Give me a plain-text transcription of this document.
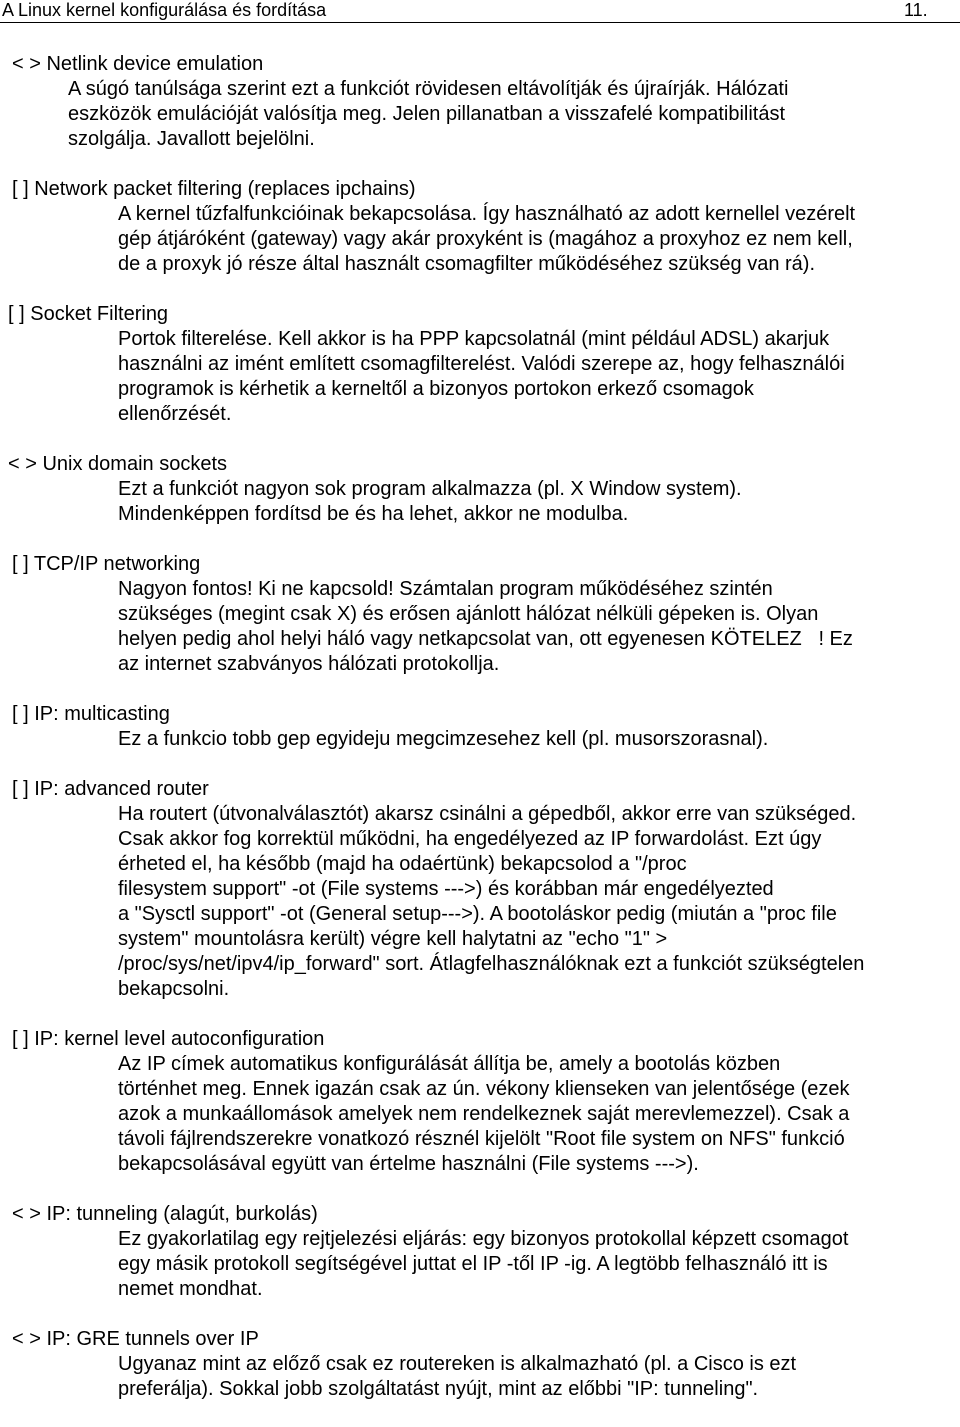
A Linux kernel konfigurálása és fordítása	11.
< > Netlink device emulation
A súgó tanúlsága szerint ezt a funkciót rövidesen eltávolítják és újraírják. Hálózati
eszközök emulációját valósítja meg. Jelen pillanatban a visszafelé kompatibilitást
szolgálja. Javallott bejelölni.
[ ] Network packet filtering (replaces ipchains)
A kernel tűzfalfunkcióinak bekapcsolása. Így használható az adott kernellel vezérelt
gép átjáróként (gateway) vagy akár proxyként is (magához a proxyhoz ez nem kell,
de a proxyk jó része által használt csomagfilter működéséhez szükség van rá).
[ ] Socket Filtering
Portok filterelése. Kell akkor is ha PPP kapcsolatnál (mint például ADSL) akarjuk
használni az imént említett csomagfilterelést. Valódi szerepe az, hogy felhasználói
programok is kérhetik a kerneltől a bizonyos portokon erkező csomagok
ellenőrzését.
< > Unix domain sockets
Ezt a funkciót nagyon sok program alkalmazza (pl. X Window system).
Mindenképpen fordítsd be és ha lehet, akkor ne modulba.
[ ] TCP/IP networking
Nagyon fontos! Ki ne kapcsold! Számtalan program működéséhez szintén
szükséges (megint csak X) és erősen ajánlott hálózat nélküli gépeken is. Olyan
helyen pedig ahol helyi háló vagy netkapcsolat van, ott egyenesen KÖTELEZ   ! Ez
az internet szabványos hálózati protokollja.
[ ] IP: multicasting
Ez a funkcio tobb gep egyideju megcimzesehez kell (pl. musorszorasnal).
[ ] IP: advanced router
Ha routert (útvonalválasztót) akarsz csinálni a gépedből, akkor erre van szükséged.
Csak akkor fog korrektül működni, ha engedélyezed az IP forwardolást. Ezt úgy
érheted el, ha később (majd ha odaértünk) bekapcsolod a "/proc
filesystem support" -ot (File systems --->) és korábban már engedélyezted
a "Sysctl support" -ot (General setup--->). A bootoláskor pedig (miután a "proc file
system" mountolásra került) végre kell halytatni az "echo "1" >
/proc/sys/net/ipv4/ip_forward" sort. Átlagfelhasználóknak ezt a funkciót szükségtelen
bekapcsolni.
[ ] IP: kernel level autoconfiguration
Az IP címek automatikus konfigurálását állítja be, amely a bootolás közben
történhet meg. Ennek igazán csak az ún. vékony klienseken van jelentősége (ezek
azok a munkaállomások amelyek nem rendelkeznek saját merevlemezzel). Csak a
távoli fájlrendszerekre vonatkozó résznél kijelölt "Root file system on NFS" funkció
bekapcsolásával együtt van értelme használni (File systems --->).
< > IP: tunneling (alagút, burkolás)
Ez gyakorlatilag egy rejtjelezési eljárás: egy bizonyos protokollal képzett csomagot
egy másik protokoll segítségével juttat el IP -től IP -ig. A legtöbb felhasználó itt is
nemet mondhat.
< > IP: GRE tunnels over IP
Ugyanaz mint az előző csak ez routereken is alkalmazható (pl. a Cisco is ezt
preferálja). Sokkal jobb szolgáltatást nyújt, mint az előbbi "IP: tunneling".
